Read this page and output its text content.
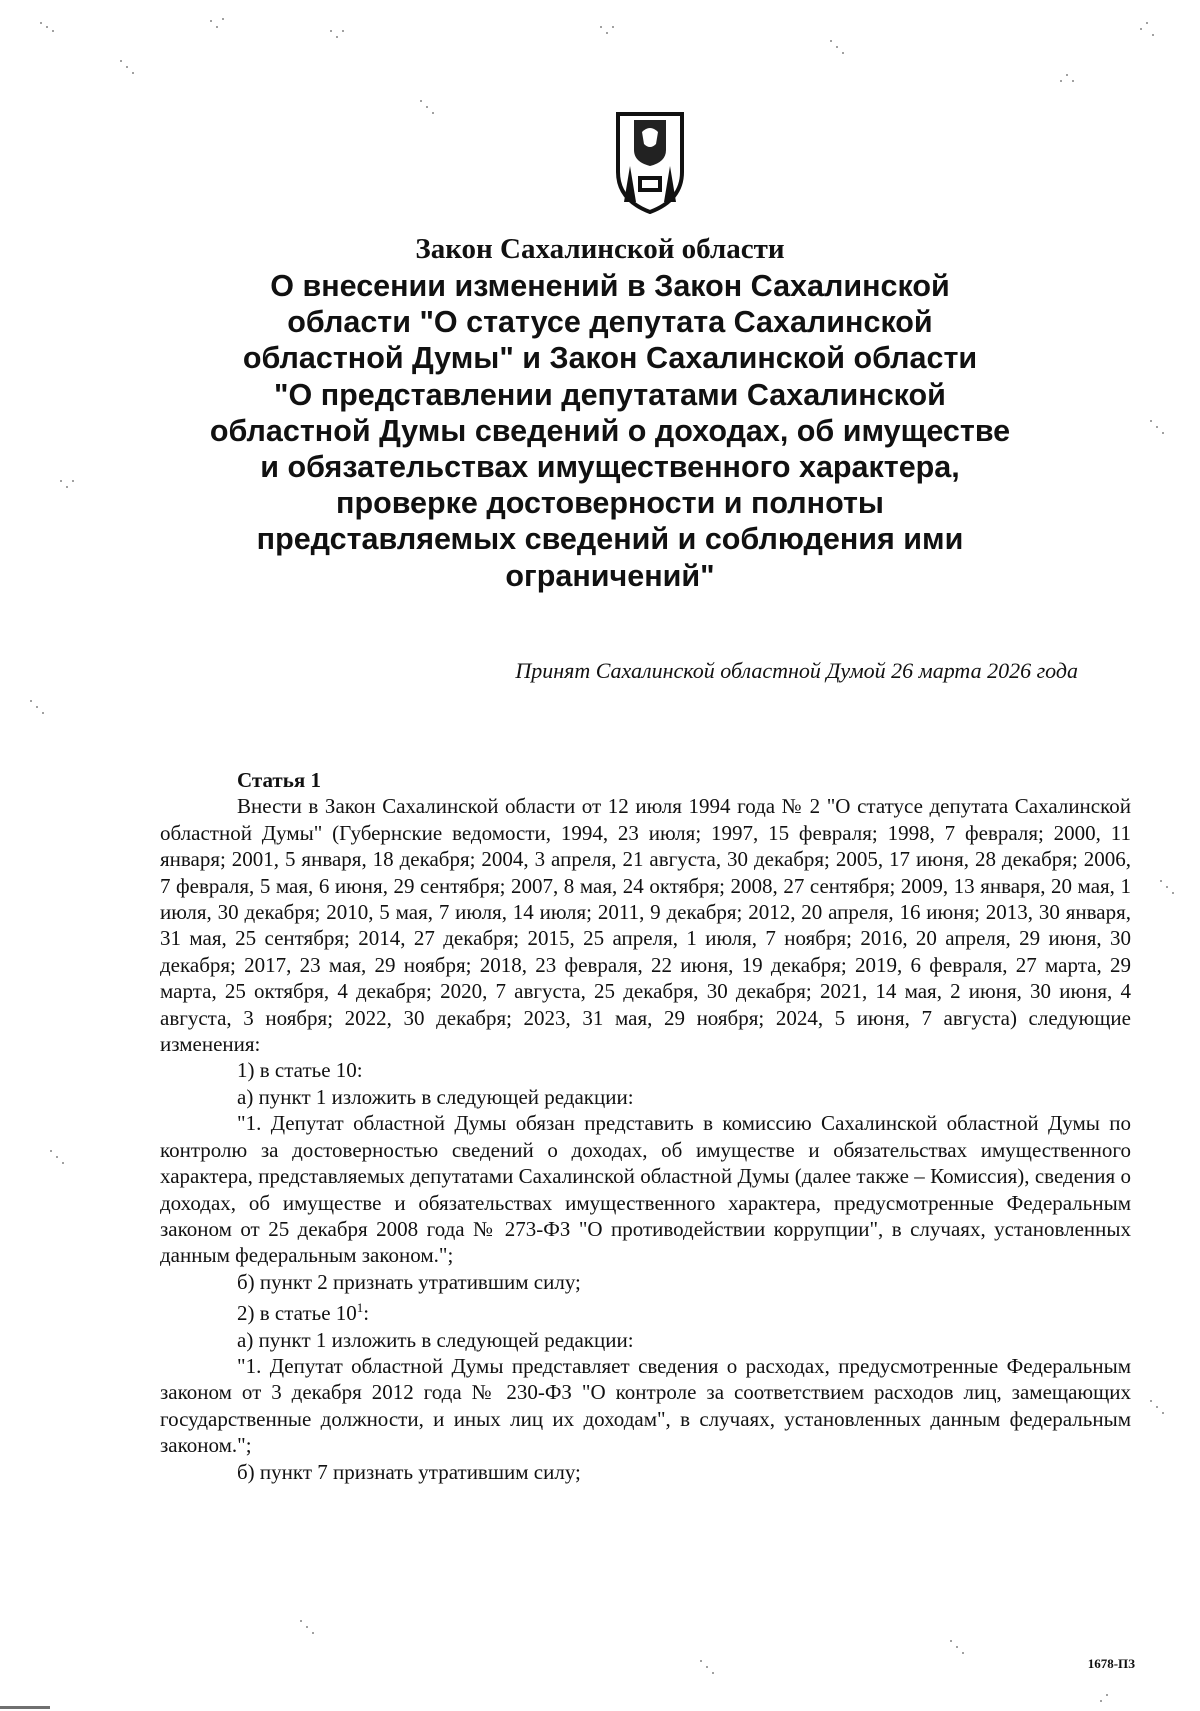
Закон Сахалинской области
О внесении изменений в Закон Сахалинской
области "О статусе депутата Сахалинской
областной Думы" и Закон Сахалинской области
"О представлении депутатами Сахалинской
областной Думы сведений о доходах, об имуществе
и обязательствах имущественного характера,
проверке достоверности и полноты
представляемых сведений и соблюдения ими
ограничений"
Принят Сахалинской областной Думой 26 марта 2026 года

Статья 1

Внести в Закон Сахалинской области от 12 июля 1994 года № 2 "О статусе депутата Сахалинской областной Думы" (Губернские ведомости, 1994, 23 июля; 1997, 15 февраля; 1998, 7 февраля; 2000, 11 января; 2001, 5 января, 18 декабря; 2004, 3 апреля, 21 августа, 30 декабря; 2005, 17 июня, 28 декабря; 2006, 7 февраля, 5 мая, 6 июня, 29 сентября; 2007, 8 мая, 24 октября; 2008, 27 сентября; 2009, 13 января, 20 мая, 1 июля, 30 декабря; 2010, 5 мая, 7 июля, 14 июля; 2011, 9 декабря; 2012, 20 апреля, 16 июня; 2013, 30 января, 31 мая, 25 сентября; 2014, 27 декабря; 2015, 25 апреля, 1 июля, 7 ноября; 2016, 20 апреля, 29 июня, 30 декабря; 2017, 23 мая, 29 ноября; 2018, 23 февраля, 22 июня, 19 декабря; 2019, 6 февраля, 27 марта, 29 марта, 25 октября, 4 декабря; 2020, 7 августа, 25 декабря, 30 декабря; 2021, 14 мая, 2 июня, 30 июня, 4 августа, 3 ноября; 2022, 30 декабря; 2023, 31 мая, 29 ноября; 2024, 5 июня, 7 августа) следующие изменения:

1) в статье 10:

а) пункт 1 изложить в следующей редакции:

"1. Депутат областной Думы обязан представить в комиссию Сахалинской областной Думы по контролю за достоверностью сведений о доходах, об имуществе и обязательствах имущественного характера, представляемых депутатами Сахалинской областной Думы (далее также – Комиссия), сведения о доходах, об имуществе и обязательствах имущественного характера, предусмотренные Федеральным законом от 25 декабря 2008 года № 273-ФЗ "О противодействии коррупции", в случаях, установленных данным федеральным законом.";

б) пункт 2 признать утратившим силу;

2) в статье $10^1$:

а) пункт 1 изложить в следующей редакции:

"1. Депутат областной Думы представляет сведения о расходах, предусмотренные Федеральным законом от 3 декабря 2012 года № 230-ФЗ "О контроле за соответствием расходов лиц, замещающих государственные должности, и иных лиц их доходам", в случаях, установленных данным федеральным законом.";

б) пункт 7 признать утратившим силу;

1678-ПЗ
